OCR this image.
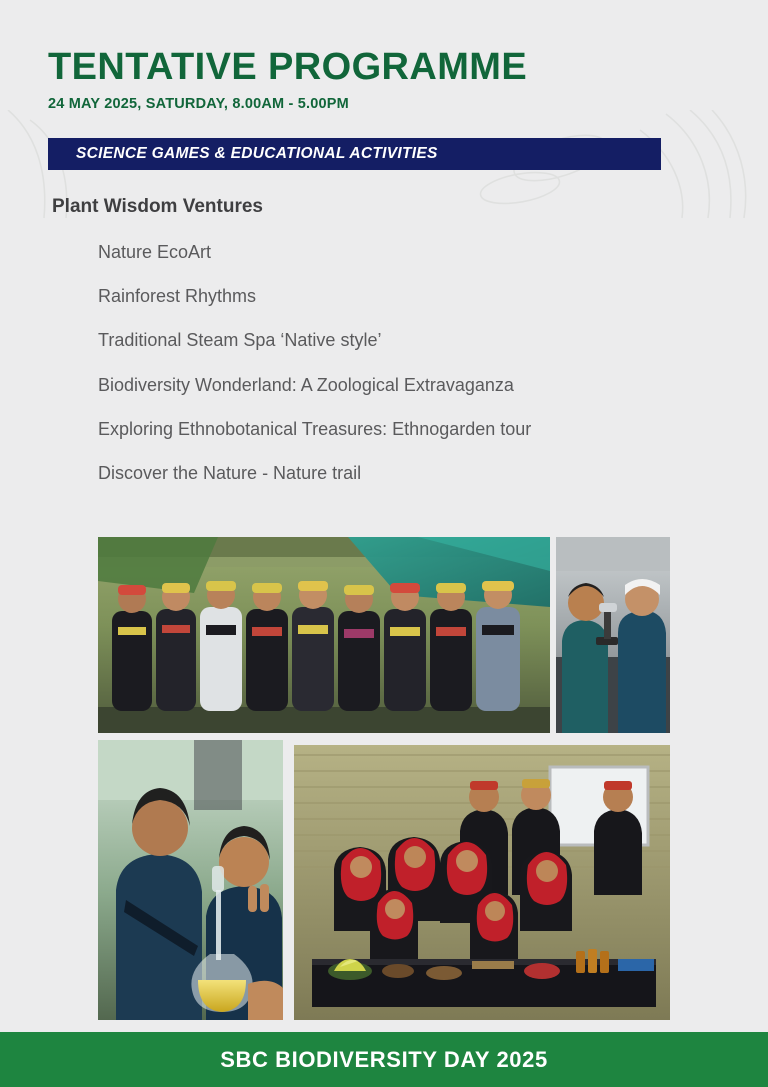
TENTATIVE PROGRAMME
24 MAY 2025, SATURDAY, 8.00AM - 5.00PM
SCIENCE GAMES & EDUCATIONAL ACTIVITIES
Plant Wisdom Ventures
Nature EcoArt
Rainforest Rhythms
Traditional Steam Spa ‘Native style’
Biodiversity Wonderland: A Zoological Extravaganza
Exploring Ethnobotanical Treasures: Ethnogarden tour
Discover the Nature - Nature trail
SBC BIODIVERSITY DAY 2025
